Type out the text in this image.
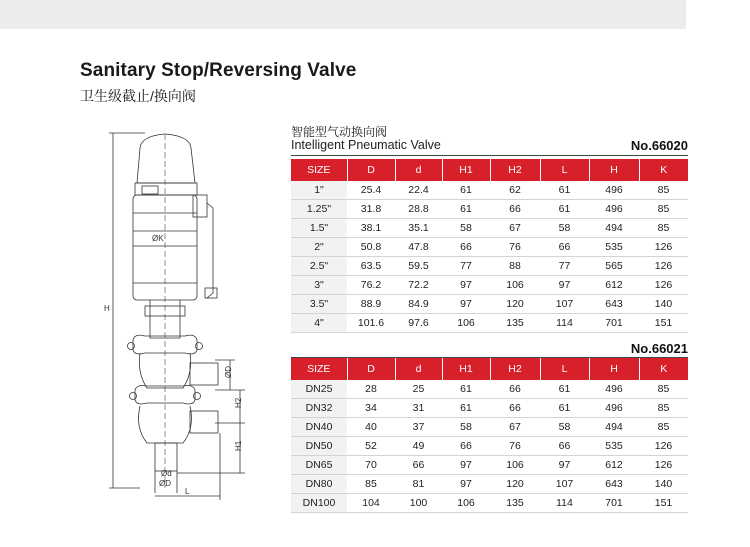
Sanitary Stop/Reversing Valve
卫生级截止/换向阀
ØK
H
ØD
H2
H1
Ød
ØD
L
智能型气动换向阀
Intelligent Pneumatic Valve	No.66020
SIZE	D	d	H1	H2	L	H	K
1"	25.4	22.4	61	62	61	496	85
1.25"	31.8	28.8	61	66	61	496	85
1.5"	38.1	35.1	58	67	58	494	85
2"	50.8	47.8	66	76	66	535	126
2.5"	63.5	59.5	77	88	77	565	126
3"	76.2	72.2	97	106	97	612	126
3.5"	88.9	84.9	97	120	107	643	140
4"	101.6	97.6	106	135	114	701	151
No.66021
SIZE	D	d	H1	H2	L	H	K
DN25	28	25	61	66	61	496	85
DN32	34	31	61	66	61	496	85
DN40	40	37	58	67	58	494	85
DN50	52	49	66	76	66	535	126
DN65	70	66	97	106	97	612	126
DN80	85	81	97	120	107	643	140
DN100	104	100	106	135	114	701	151
